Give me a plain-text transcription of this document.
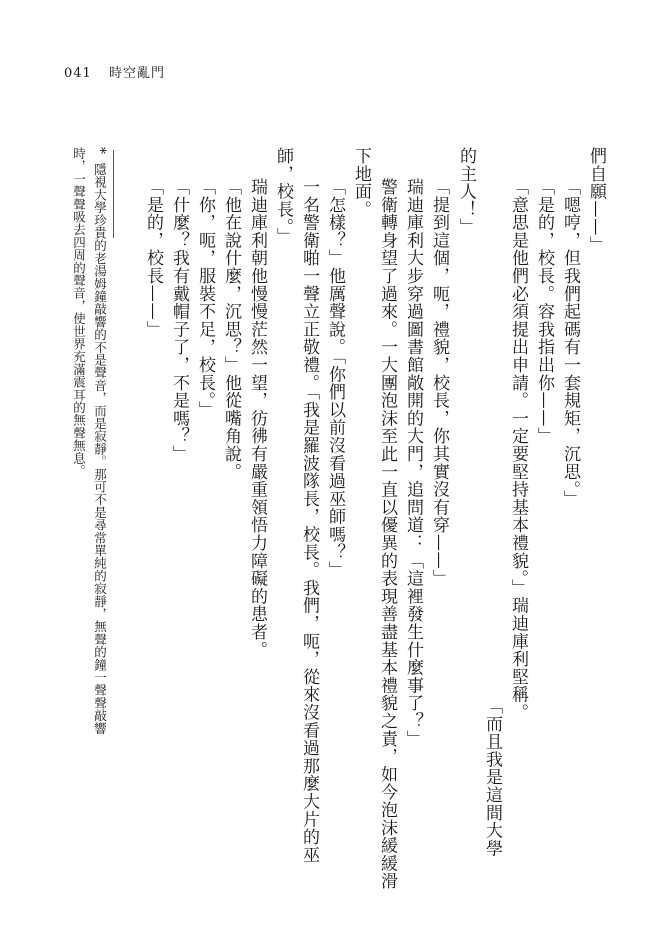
041 時空亂門
「而且我是這間大學
的主人！」 「意思是他們必須提出申請。一定要堅持基本禮貌。」瑞迪庫利堅稱。 「是的，校長。容我指出你——」 「嗯哼，但我們起碼有一套規矩，沉思。」 們自願——」
「提到這個，呃，禮貌，校長，你其實沒有穿——」
瑞迪庫利大步穿過圖書館敞開的大門，追問道：「這裡發生什麼事了？」
警衛轉身望了過來。一大團泡沫至此一直以優異的表現善盡基本禮貌之責，如今泡沫緩緩滑
下地面。
「怎樣？」他厲聲說。「你們以前沒看過巫師嗎？」
一名警衛啪一聲立正敬禮。「我是羅波隊長，校長。我們，呃，從來沒看過那麼大片的巫
師，校長。」
瑞迪庫利朝他慢慢茫然一望，彷彿有嚴重領悟力障礙的患者。
「他在說什麼，沉思？」他從嘴角說。
「你，呃，服裝不足，校長。」
「什麼？我有戴帽子了，不是嗎？」
「是的，校長——」
*
隱視大學珍貴的老湯姆鐘敲響的不是聲音，而是寂靜。那可不是尋常單純的寂靜，無聲的鐘一聲聲敲響
時，一聲聲吸去四周的聲音，使世界充滿震耳的無聲無息。
